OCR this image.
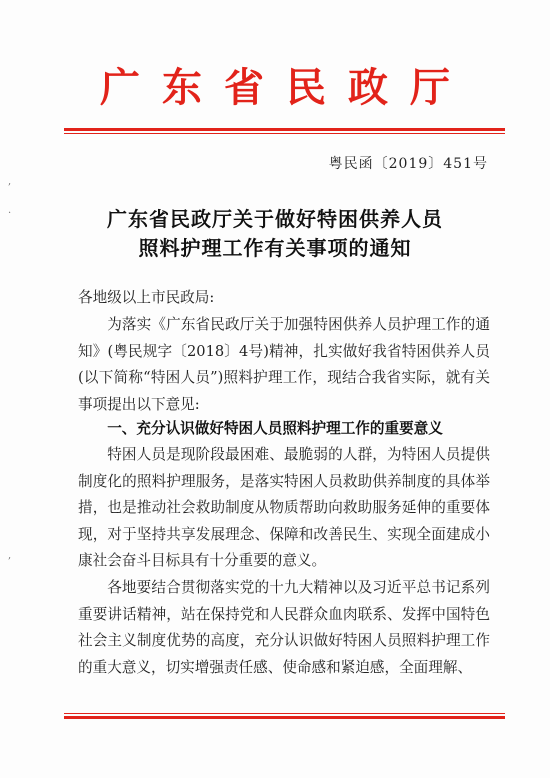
广东省民政厅
粤民函〔2019〕451号
广东省民政厅关于做好特困供养人员
照料护理工作有关事项的通知
各地级以上市民政局:
为落实《广东省民政厅关于加强特困供养人员护理工作的通知》(粤民规字〔2018〕4号)精神，扎实做好我省特困供养人员(以下简称“特困人员”)照料护理工作，现结合我省实际，就有关事项提出以下意见:
一、充分认识做好特困人员照料护理工作的重要意义
特困人员是现阶段最困难、最脆弱的人群，为特困人员提供制度化的照料护理服务，是落实特困人员救助供养制度的具体举措，也是推动社会救助制度从物质帮助向救助服务延伸的重要体现，对于坚持共享发展理念、保障和改善民生、实现全面建成小康社会奋斗目标具有十分重要的意义。
各地要结合贯彻落实党的十九大精神以及习近平总书记系列重要讲话精神，站在保持党和人民群众血肉联系、发挥中国特色社会主义制度优势的高度，充分认识做好特困人员照料护理工作的重大意义，切实增强责任感、使命感和紧迫感，全面理解、
,
.
,
